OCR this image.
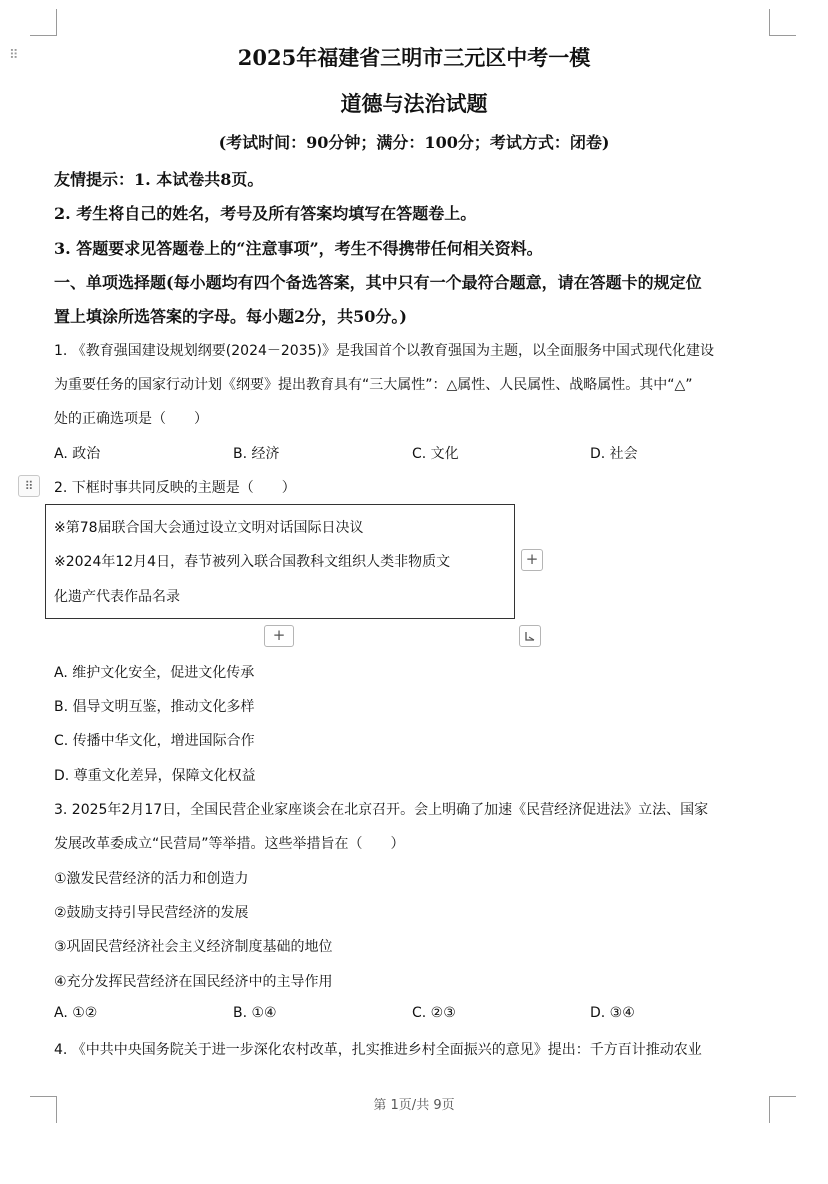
⠿	2025年福建省三明市三元区中考一模
道德与法治试题
(考试时间：90分钟；满分：100分；考试方式：闭卷)
友情提示：1. 本试卷共8页。
2. 考生将自己的姓名，考号及所有答案均填写在答题卷上。
3. 答题要求见答题卷上的“注意事项”，考生不得携带任何相关资料。
一、单项选择题(每小题均有四个备选答案，其中只有一个最符合题意，请在答题卡的规定位
置上填涂所选答案的字母。每小题2分，共50分。)
1. 《教育强国建设规划纲要(2024－2035)》是我国首个以教育强国为主题，以全面服务中国式现代化建设
为重要任务的国家行动计划《纲要》提出教育具有“三大属性”：△属性、人民属性、战略属性。其中“△”
处的正确选项是（　　）
A. 政治	B. 经济	C. 文化	D. 社会
⠿	2. 下框时事共同反映的主题是（　　）
※第78届联合国大会通过设立文明对话国际日决议
※2024年12月4日，春节被列入联合国教科文组织人类非物质文
化遗产代表作品名录
+
+
A. 维护文化安全，促进文化传承
B. 倡导文明互鉴，推动文化多样
C. 传播中华文化，增进国际合作
D. 尊重文化差异，保障文化权益
3. 2025年2月17日，全国民营企业家座谈会在北京召开。会上明确了加速《民营经济促进法》立法、国家
发展改革委成立“民营局”等举措。这些举措旨在（　　）
①激发民营经济的活力和创造力
②鼓励支持引导民营经济的发展
③巩固民营经济社会主义经济制度基础的地位
④充分发挥民营经济在国民经济中的主导作用
A. ①②	B. ①④	C. ②③	D. ③④
4. 《中共中央国务院关于进一步深化农村改革，扎实推进乡村全面振兴的意见》提出：千方百计推动农业
第 1页/共 9页
